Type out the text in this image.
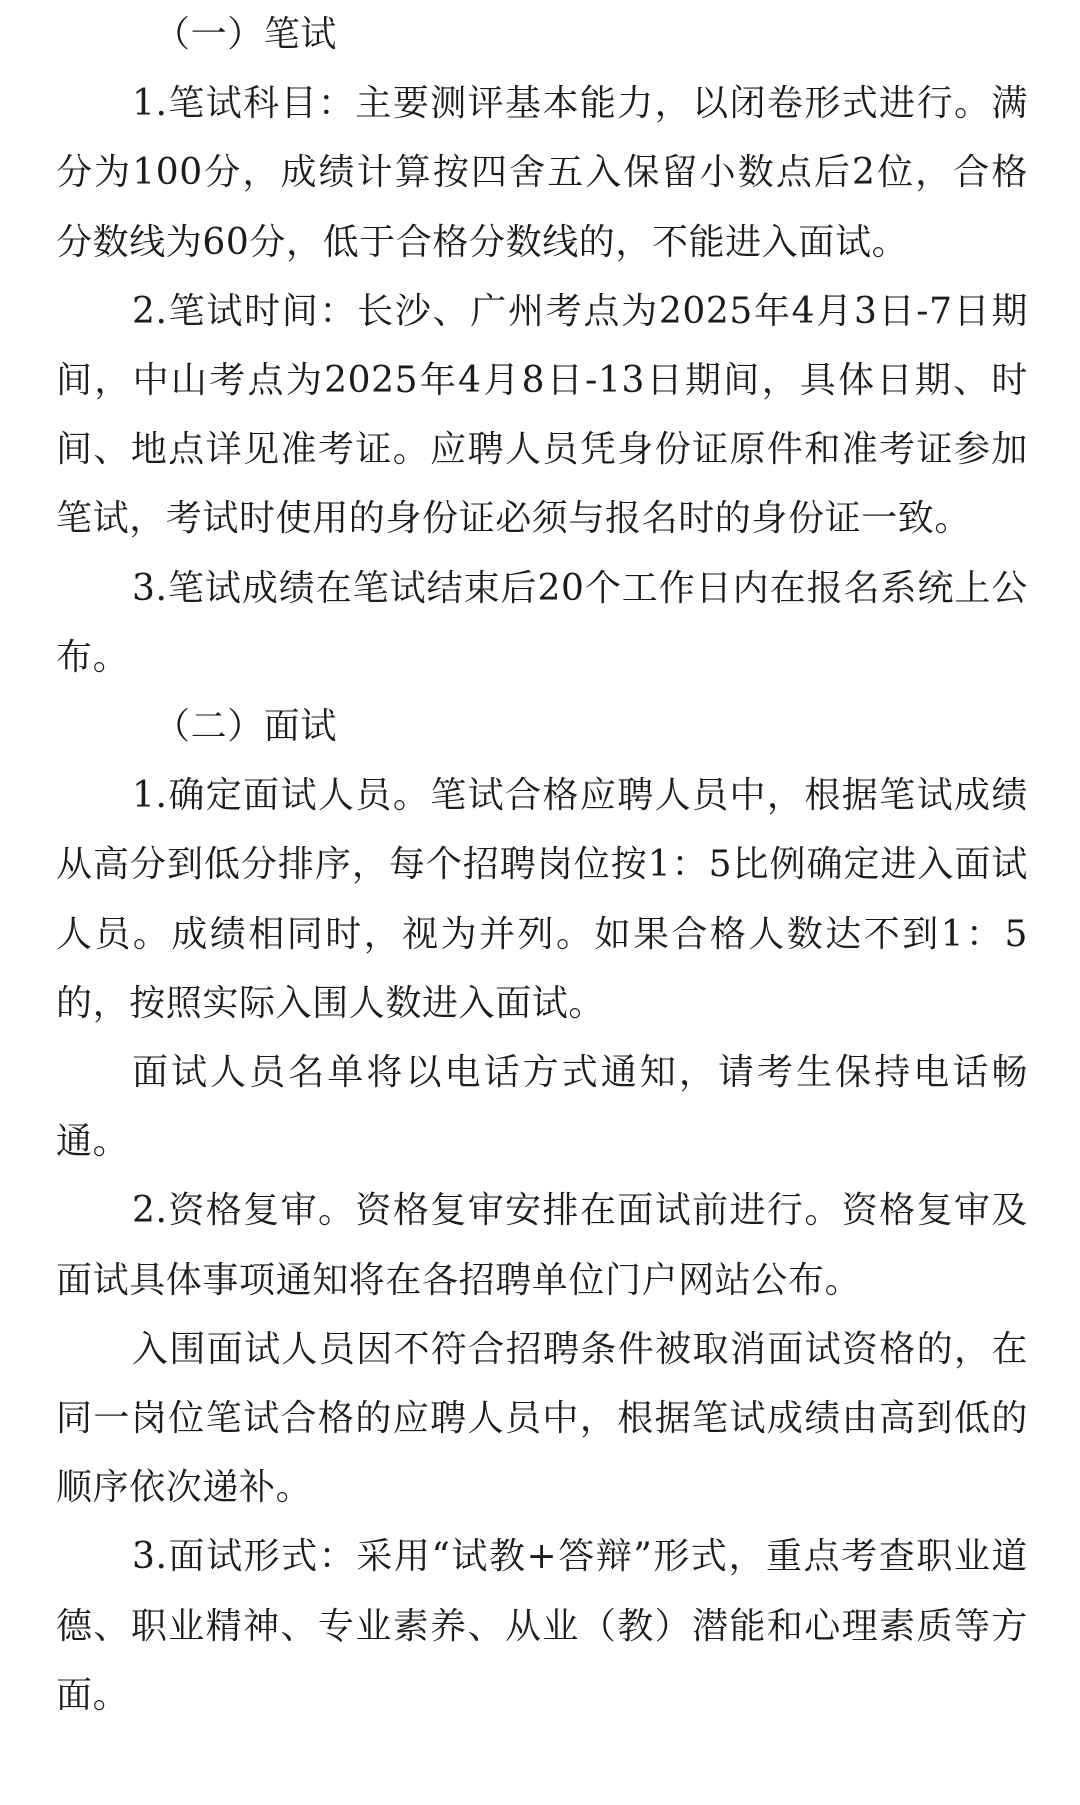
（一）笔试

1.笔试科目：主要测评基本能力，以闭卷形式进行。满分为100分，成绩计算按四舍五入保留小数点后2位，合格分数线为60分，低于合格分数线的，不能进入面试。

2.笔试时间：长沙、广州考点为2025年4月3日-7日期间，中山考点为2025年4月8日-13日期间，具体日期、时间、地点详见准考证。应聘人员凭身份证原件和准考证参加笔试，考试时使用的身份证必须与报名时的身份证一致。

3.笔试成绩在笔试结束后20个工作日内在报名系统上公布。

（二）面试

1.确定面试人员。笔试合格应聘人员中，根据笔试成绩从高分到低分排序，每个招聘岗位按1：5比例确定进入面试人员。成绩相同时，视为并列。如果合格人数达不到1：5的，按照实际入围人数进入面试。

面试人员名单将以电话方式通知，请考生保持电话畅通。

2.资格复审。资格复审安排在面试前进行。资格复审及面试具体事项通知将在各招聘单位门户网站公布。

入围面试人员因不符合招聘条件被取消面试资格的，在同一岗位笔试合格的应聘人员中，根据笔试成绩由高到低的顺序依次递补。

3.面试形式：采用“试教+答辩”形式，重点考查职业道德、职业精神、专业素养、从业（教）潜能和心理素质等方面。
